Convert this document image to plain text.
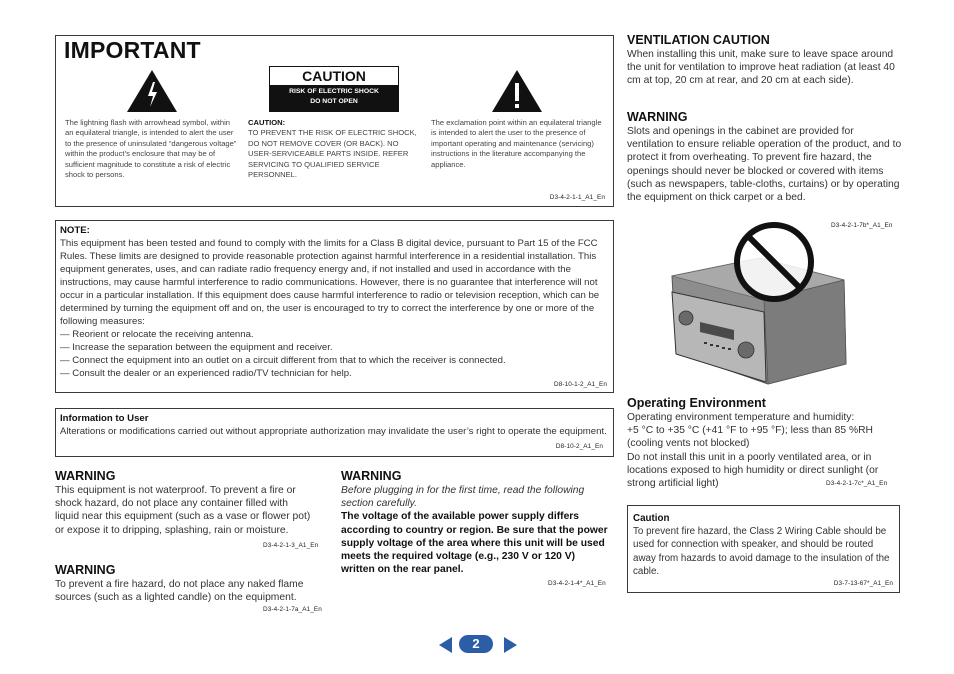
IMPORTANT
CAUTION
RISK OF ELECTRIC SHOCK
DO NOT OPEN
The lightning flash with arrowhead symbol, within an equilateral triangle, is intended to alert the user to the presence of uninsulated “dangerous voltage” within the product’s enclosure that may be of sufficient magnitude to constitute a risk of electric shock to persons.
CAUTION:
TO PREVENT THE RISK OF ELECTRIC SHOCK, DO NOT REMOVE COVER (OR BACK). NO USER-SERVICEABLE PARTS INSIDE. REFER SERVICING TO QUALIFIED SERVICE PERSONNEL.
The exclamation point within an equilateral triangle is intended to alert the user to the presence of important operating and maintenance (servicing) instructions in the literature accompanying the appliance.
D3-4-2-1-1_A1_En
NOTE:
This equipment has been tested and found to comply with the limits for a Class B digital device, pursuant to Part 15 of the FCC Rules. These limits are designed to provide reasonable protection against harmful interference in a residential installation. This equipment generates, uses, and can radiate radio frequency energy and, if not installed and used in accordance with the instructions, may cause harmful interference to radio communications. However, there is no guarantee that interference will not occur in a particular installation. If this equipment does cause harmful interference to radio or television reception, which can be determined by turning the equipment off and on, the user is encouraged to try to correct the interference by one or more of the following measures:
— Reorient or relocate the receiving antenna.
— Increase the separation between the equipment and receiver.
— Connect the equipment into an outlet on a circuit different from that to which the receiver is connected.
— Consult the dealer or an experienced radio/TV technician for help.
D8-10-1-2_A1_En
Information to User
Alterations or modifications carried out without appropriate authorization may invalidate the user’s right to operate the equipment.
D8-10-2_A1_En
WARNING
This equipment is not waterproof. To prevent a fire or shock hazard, do not place any container filled with liquid near this equipment (such as a vase or flower pot) or expose it to dripping, splashing, rain or moisture.
D3-4-2-1-3_A1_En
WARNING
To prevent a fire hazard, do not place any naked flame sources (such as a lighted candle) on the equipment.
D3-4-2-1-7a_A1_En
WARNING
Before plugging in for the first time, read the following section carefully.
The voltage of the available power supply differs according to country or region. Be sure that the power supply voltage of the area where this unit will be used meets the required voltage (e.g., 230 V or 120 V) written on the rear panel.
D3-4-2-1-4*_A1_En
VENTILATION CAUTION
When installing this unit, make sure to leave space around the unit for ventilation to improve heat radiation (at least 40 cm at top, 20 cm at rear, and 20 cm at each side).
WARNING
Slots and openings in the cabinet are provided for ventilation to ensure reliable operation of the product, and to protect it from overheating. To prevent fire hazard, the openings should never be blocked or covered with items (such as newspapers, table-cloths, curtains) or by operating the equipment on thick carpet or a bed.
D3-4-2-1-7b*_A1_En
Operating Environment
Operating environment temperature and humidity:
+5 °C to +35 °C (+41 °F to +95 °F); less than 85 %RH (cooling vents not blocked)
Do not install this unit in a poorly ventilated area, or in locations exposed to high humidity or direct sunlight (or strong artificial light)	D3-4-2-1-7c*_A1_En
Caution
To prevent fire hazard, the Class 2 Wiring Cable should be used for connection with speaker, and should be routed away from hazards to avoid damage to the insulation of the cable.
D3-7-13-67*_A1_En
2
